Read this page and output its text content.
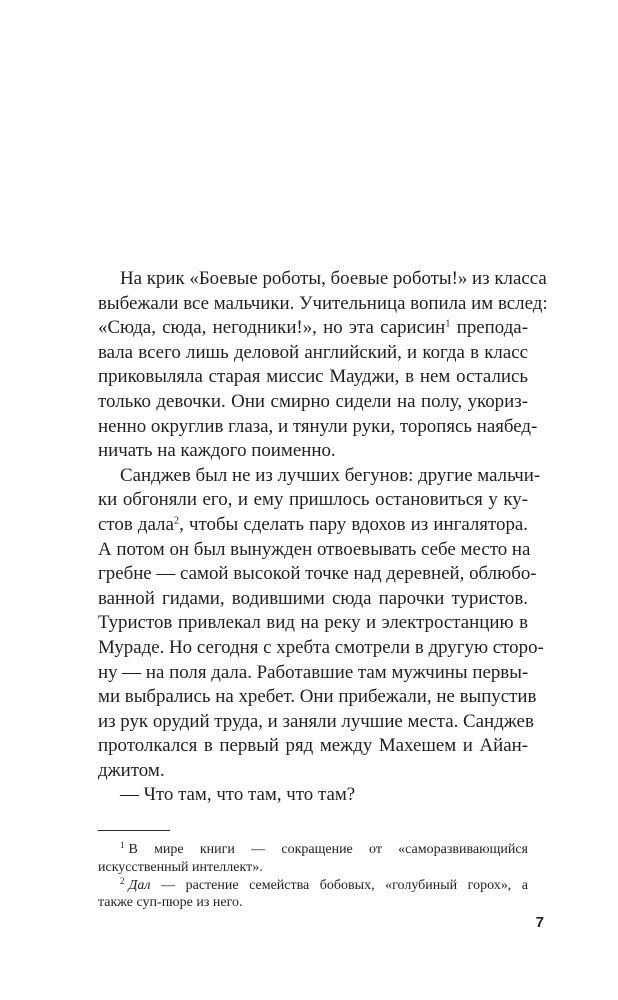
На крик «Боевые роботы, боевые роботы!» из класса
выбежали все мальчики. Учительница вопила им вслед:
«Сюда, сюда, негодники!», но эта сарисин$^1$ препода-
вала всего лишь деловой английский, и когда в класс
приковыляла старая миссис Мауджи, в нем остались
только девочки. Они смирно сидели на полу, укориз-
ненно округлив глаза, и тянули руки, торопясь наябед-
ничать на каждого поименно.

Санджев был не из лучших бегунов: другие мальчи-
ки обгоняли его, и ему пришлось остановиться у ку-
стов дала$^2$, чтобы сделать пару вдохов из ингалятора.
А потом он был вынужден отвоевывать себе место на
гребне — самой высокой точке над деревней, облюбо-
ванной гидами, водившими сюда парочки туристов.
Туристов привлекал вид на реку и электростанцию в
Мураде. Но сегодня с хребта смотрели в другую сторо-
ну — на поля дала. Работавшие там мужчины первы-
ми выбрались на хребет. Они прибежали, не выпустив
из рук орудий труда, и заняли лучшие места. Санджев
протолкался в первый ряд между Махешем и Айан-
джитом.

— Что там, что там, что там?

$^1$ В мире книги — сокращение от «саморазвивающийся
искусственный интеллект».

$^2$ Дал — растение семейства бобовых, «голубиный горох», а
также суп-пюре из него.

7
